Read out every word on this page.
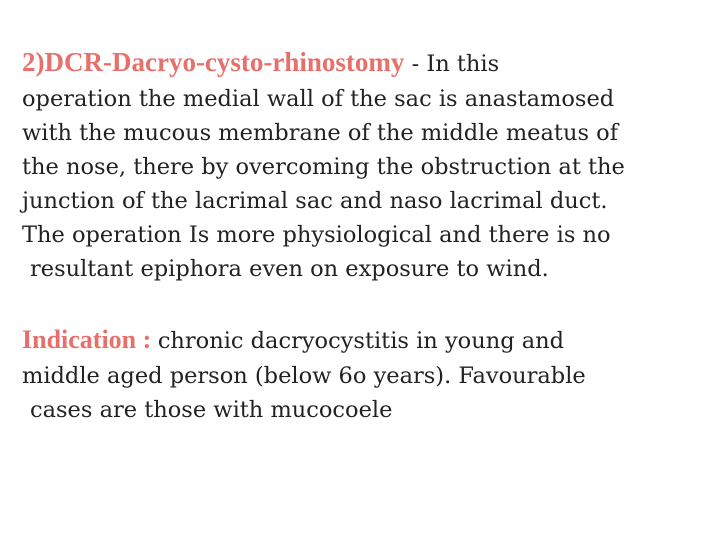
2)DCR-Dacryo-cysto-rhinostomy - In this
operation the medial wall of the sac is anastamosed
with the mucous membrane of the middle meatus of
the nose, there by overcoming the obstruction at the
junction of the lacrimal sac and naso lacrimal duct.
The operation Is more physiological and there is no
resultant epiphora even on exposure to wind.
Indication : chronic dacryocystitis in young and
middle aged person (below 6o years). Favourable
cases are those with mucocoele
